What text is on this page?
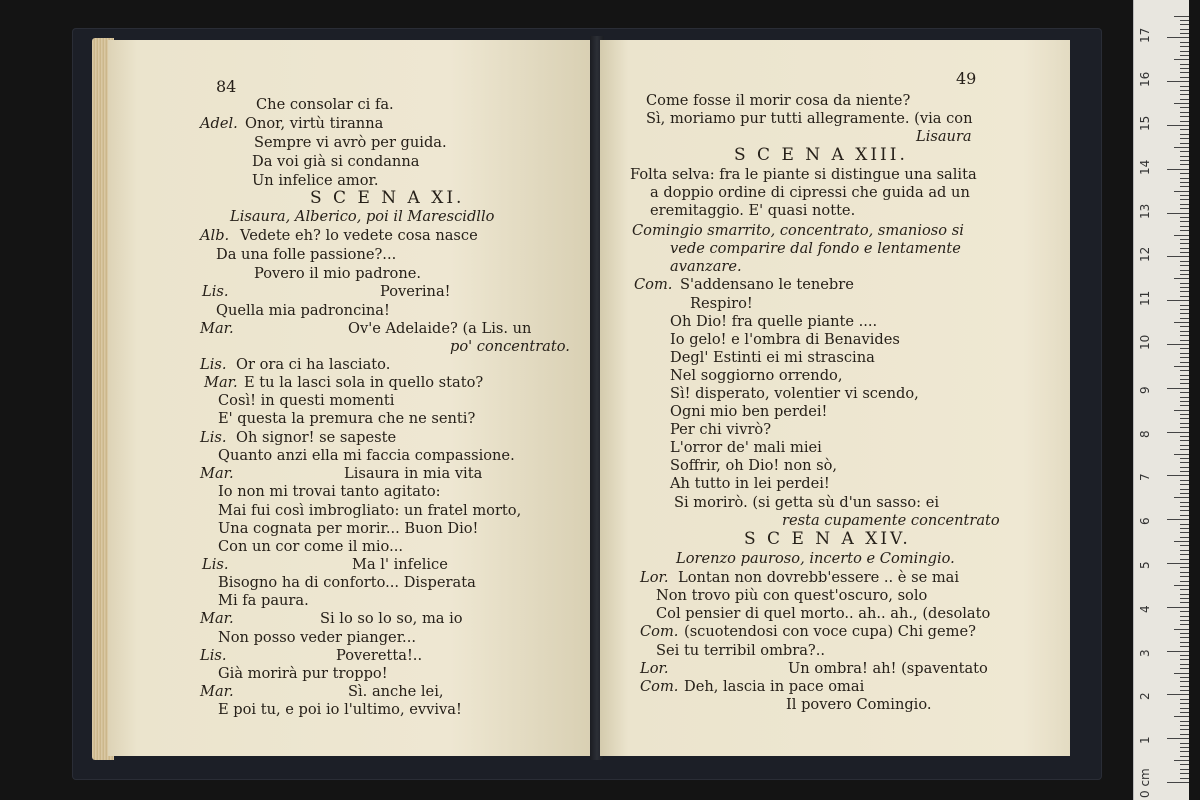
84
Che consolar ci fa.
Adel. Onor, virtù tiranna
Sempre vi avrò per guida.
Da voi già si condanna
Un infelice amor.
S C E N A XI.
Lisaura, Alberico, poi il Marescidllo
Alb. Vedete eh? lo vedete cosa nasce
Da una folle passione?...
Povero il mio padrone.
Lis.	Poverina!
Quella mia padroncina!
Mar.	Ov'e Adelaide? (a Lis. un
po' concentrato.
Lis. Or ora ci ha lasciato.
Mar. E tu la lasci sola in quello stato?
Così! in questi momenti
E' questa la premura che ne senti?
Lis. Oh signor! se sapeste
Quanto anzi ella mi faccia compassione.
Mar.	Lisaura in mia vita
Io non mi trovai tanto agitato:
Mai fui così imbrogliato: un fratel morto,
Una cognata per morir... Buon Dio!
Con un cor come il mio...
Lis.	Ma l' infelice
Bisogno ha di conforto... Disperata
Mi fa paura.
Mar.	Si lo so lo so, ma io
Non posso veder pianger...
Lis.	Poveretta!..
Già morirà pur troppo!
Mar.	Sì. anche lei,
E poi tu, e poi io l'ultimo, evviva!
49
Come fosse il morir cosa da niente?
Sì, moriamo pur tutti allegramente. (via con
Lisaura
S C E N A XIII.
Folta selva: fra le piante si distingue una salita
a doppio ordine di cipressi che guida ad un
eremitaggio. E' quasi notte.
Comingio smarrito, concentrato, smanioso si
vede comparire dal fondo e lentamente
avanzare.
Com. S'addensano le tenebre
Respiro!
Oh Dio! fra quelle piante ....
Io gelo! e l'ombra di Benavides
Degl' Estinti ei mi strascina
Nel soggiorno orrendo,
Sì! disperato, volentier vi scendo,
Ogni mio ben perdei!
Per chi vivrò?
L'orror de' mali miei
Soffrir, oh Dio! non sò,
Ah tutto in lei perdei!
Si morirò. (si getta sù d'un sasso: ei
resta cupamente concentrato
S C E N A XIV.
Lorenzo pauroso, incerto e Comingio.
Lor. Lontan non dovrebb'essere .. è se mai
Non trovo più con quest'oscuro, solo
Col pensier di quel morto.. ah.. ah., (desolato
Com. (scuotendosi con voce cupa) Chi geme?
Sei tu terribil ombra?..
Lor.	Un ombra! ah! (spaventato
Com. Deh, lascia in pace omai
Il povero Comingio.
0 cm
1
2
3
4
5
6
7
8
9
10
11
12
13
14
15
16
17
